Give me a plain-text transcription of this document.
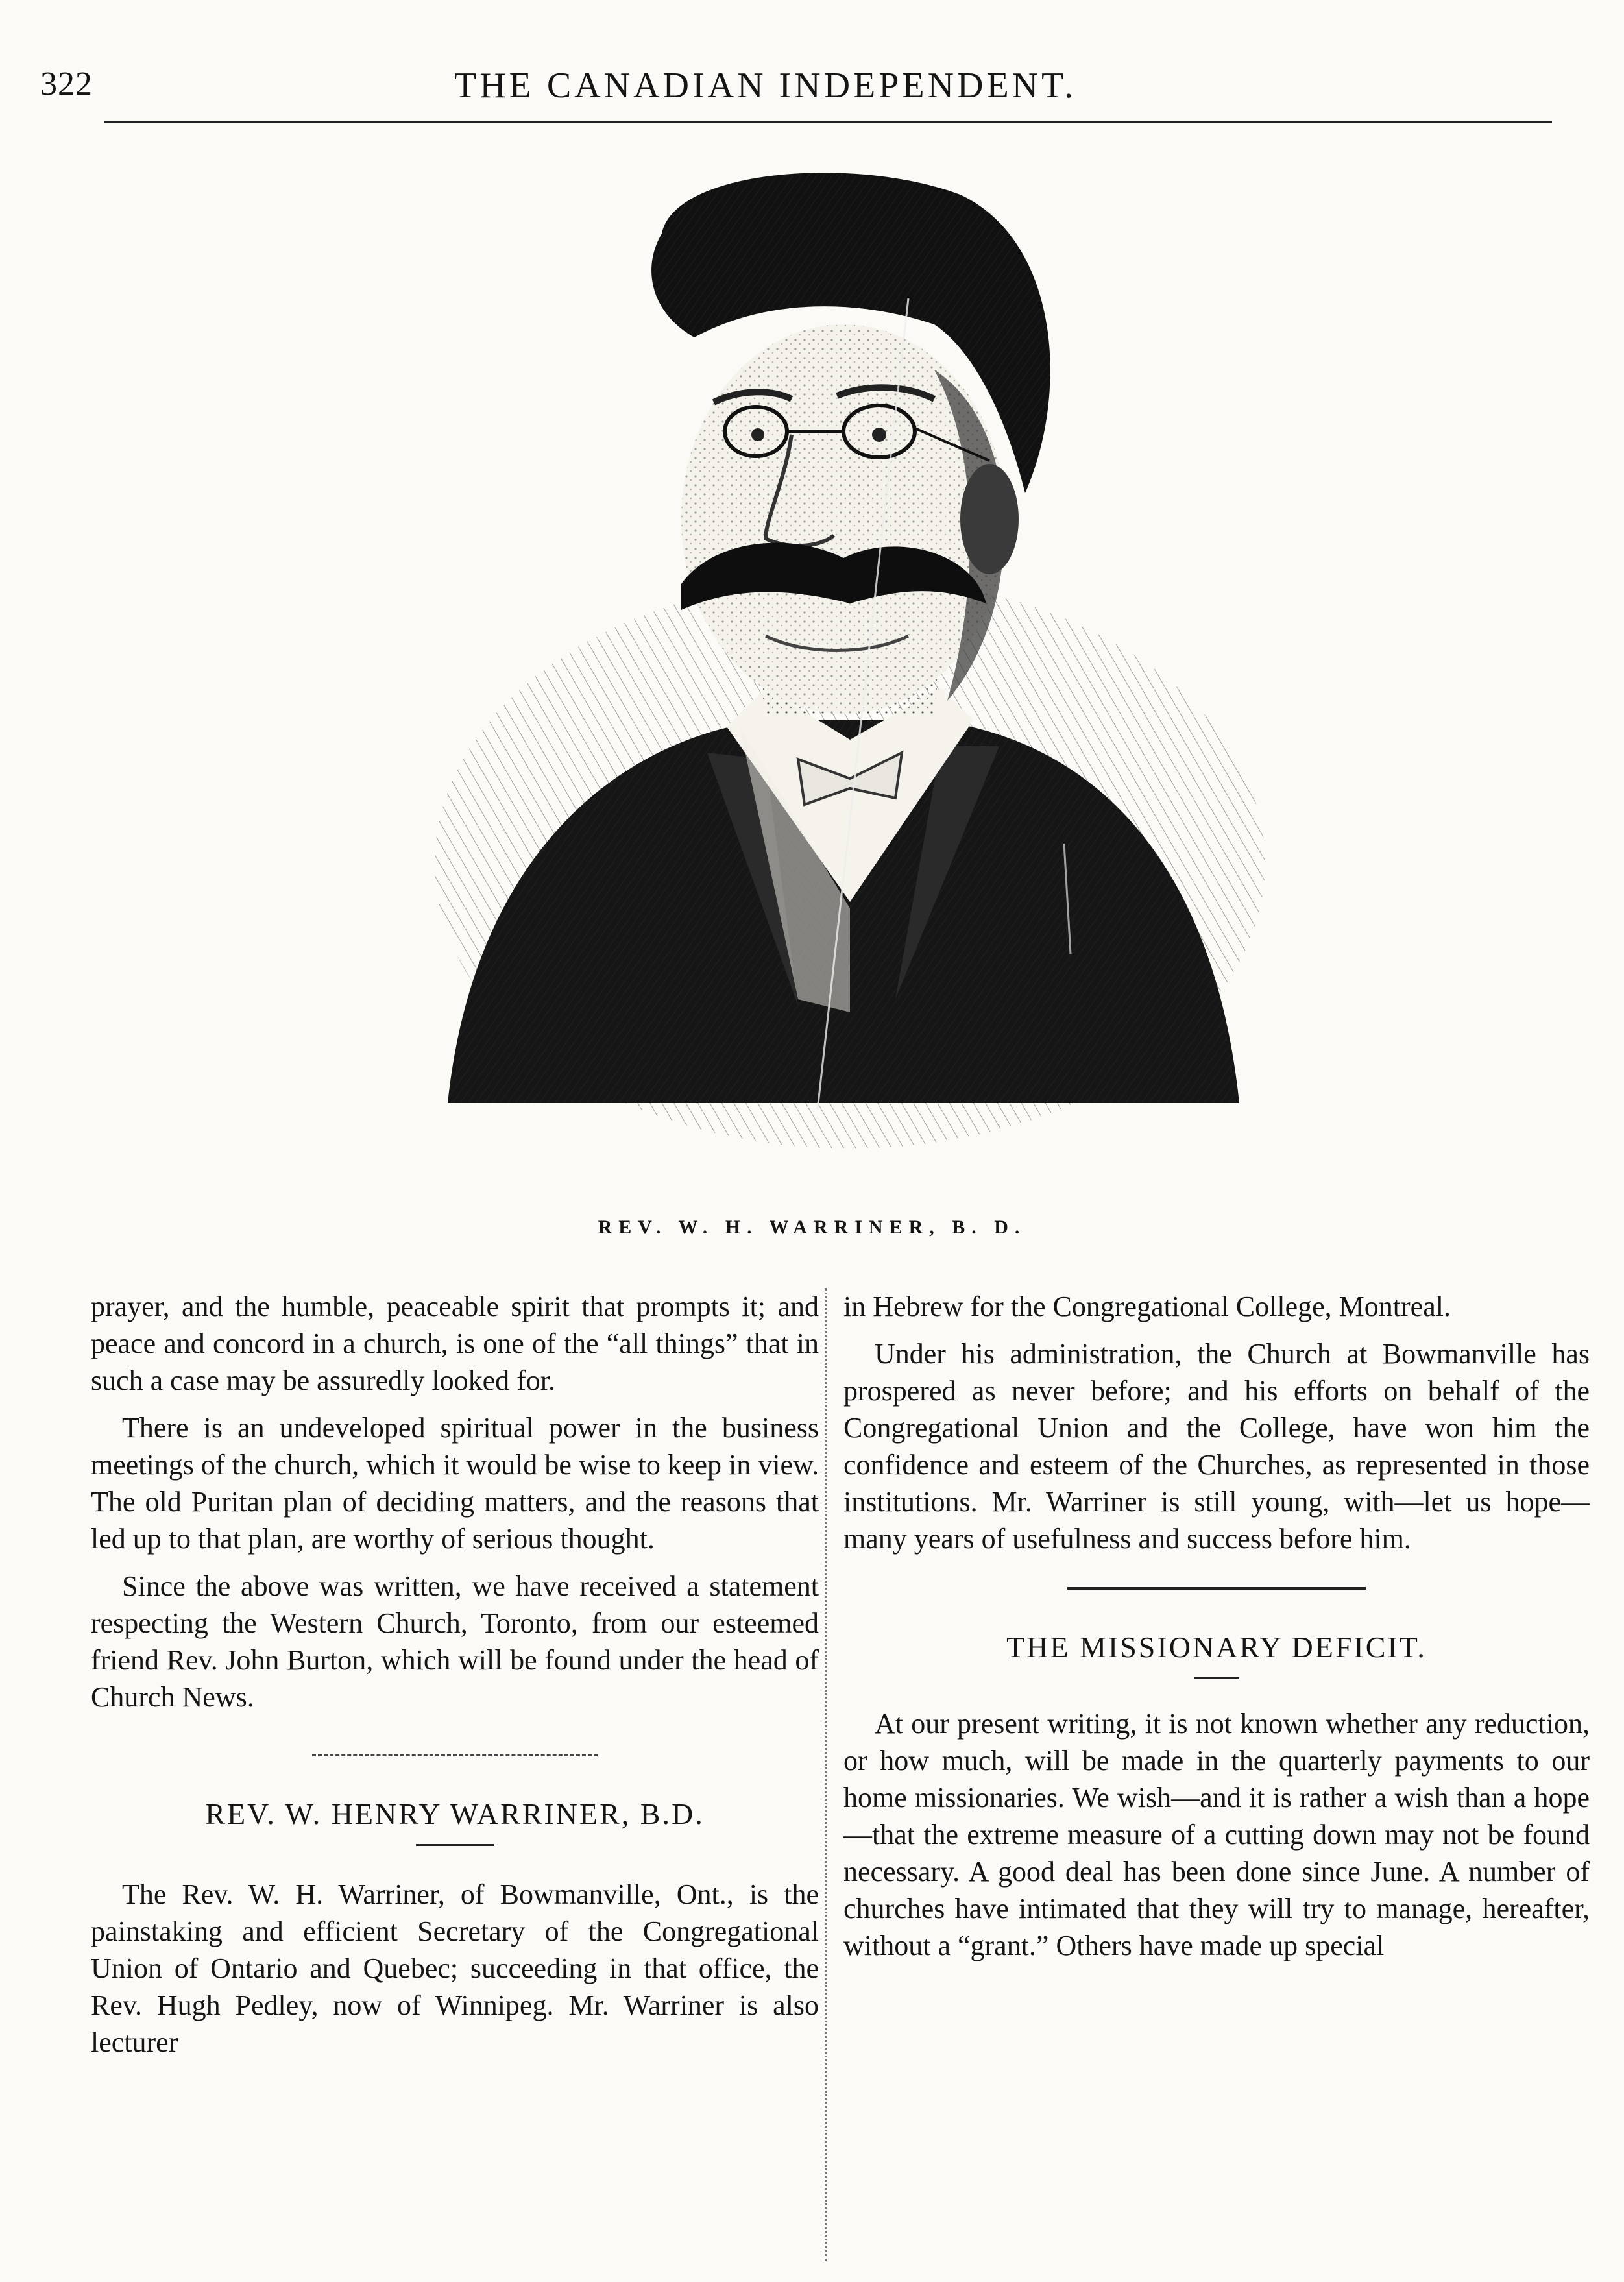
322	THE CANADIAN INDEPENDENT.
REV. W. H. WARRINER, B. D.

prayer, and the humble, peaceable spirit that prompts it; and peace and concord in a church, is one of the “all things” that in such a case may be assuredly looked for.

There is an undeveloped spiritual power in the business meetings of the church, which it would be wise to keep in view. The old Puritan plan of deciding matters, and the reasons that led up to that plan, are worthy of serious thought.

Since the above was written, we have received a statement respecting the Western Church, Toronto, from our esteemed friend Rev. John Burton, which will be found under the head of Church News.

REV. W. HENRY WARRINER, B.D.

The Rev. W. H. Warriner, of Bowmanville, Ont., is the painstaking and efficient Secretary of the Congregational Union of Ontario and Quebec; succeeding in that office, the Rev. Hugh Pedley, now of Winnipeg. Mr. Warriner is also lecturer

in Hebrew for the Congregational College, Montreal.

Under his administration, the Church at Bowmanville has prospered as never before; and his efforts on behalf of the Congregational Union and the College, have won him the confidence and esteem of the Churches, as represented in those institutions. Mr. Warriner is still young, with—let us hope—many years of usefulness and success before him.

THE MISSIONARY DEFICIT.

At our present writing, it is not known whether any reduction, or how much, will be made in the quarterly payments to our home missionaries. We wish—and it is rather a wish than a hope—that the extreme measure of a cutting down may not be found necessary. A good deal has been done since June. A number of churches have intimated that they will try to manage, hereafter, without a “grant.” Others have made up special
